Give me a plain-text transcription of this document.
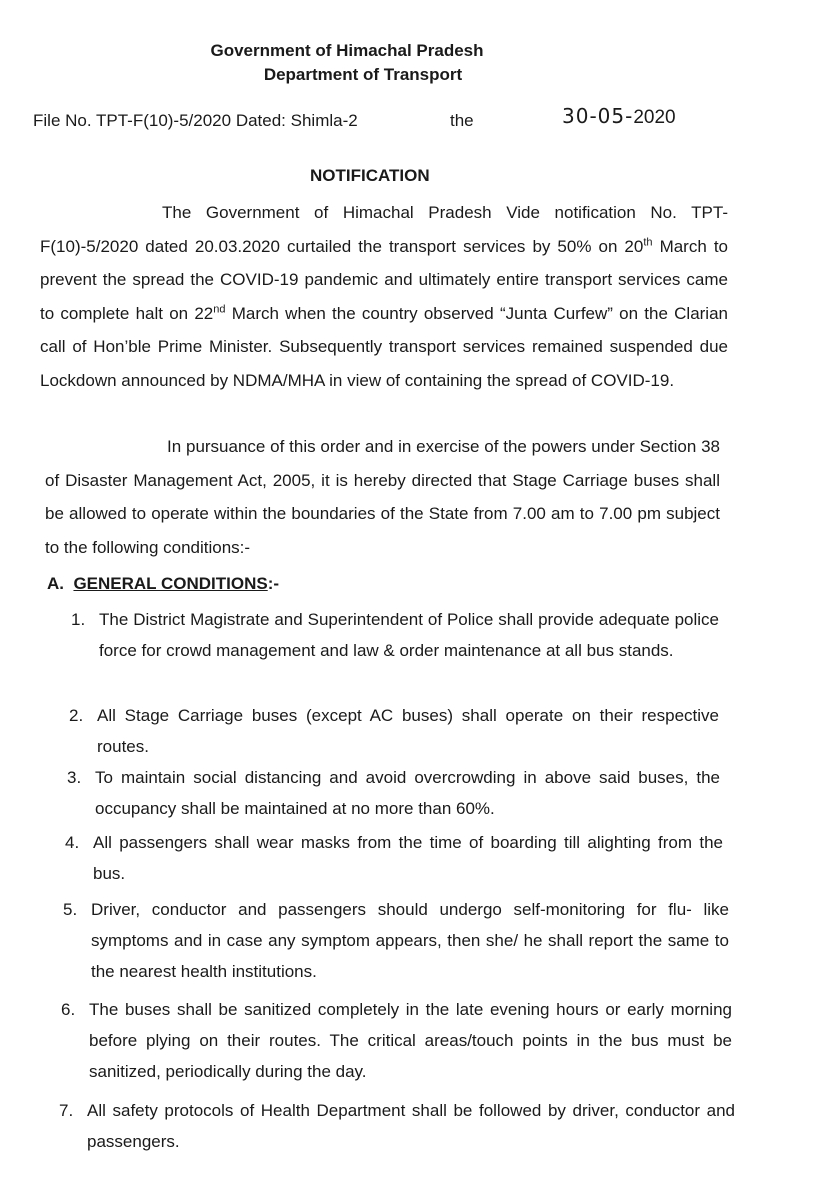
Government of Himachal Pradesh
Department of Transport
File No. TPT-F(10)-5/2020 Dated: Shimla-2	the	30-05-2020
NOTIFICATION
The Government of Himachal Pradesh Vide notification No. TPT-F(10)-5/2020 dated 20.03.2020 curtailed the transport services by 50% on 20th March to prevent the spread the COVID-19 pandemic and ultimately entire transport services came to complete halt on 22nd March when the country observed “Junta Curfew” on the Clarian call of Hon’ble Prime Minister. Subsequently transport services remained suspended due Lockdown announced by NDMA/MHA in view of containing the spread of COVID-19.
In pursuance of this order and in exercise of the powers under Section 38 of Disaster Management Act, 2005, it is hereby directed that Stage Carriage buses shall be allowed to operate within the boundaries of the State from 7.00 am to 7.00 pm subject to the following conditions:-
A. GENERAL CONDITIONS:-
1. The District Magistrate and Superintendent of Police shall provide adequate police force for crowd management and law & order maintenance at all bus stands.

2. All Stage Carriage buses (except AC buses) shall operate on their respective routes.

3. To maintain social distancing and avoid overcrowding in above said buses, the occupancy shall be maintained at no more than 60%.

4. All passengers shall wear masks from the time of boarding till alighting from the bus.

5. Driver, conductor and passengers should undergo self-monitoring for flu- like symptoms and in case any symptom appears, then she/ he shall report the same to the nearest health institutions.

6. The buses shall be sanitized completely in the late evening hours or early morning before plying on their routes. The critical areas/touch points in the bus must be sanitized, periodically during the day.

7. All safety protocols of Health Department shall be followed by driver, conductor and passengers.
